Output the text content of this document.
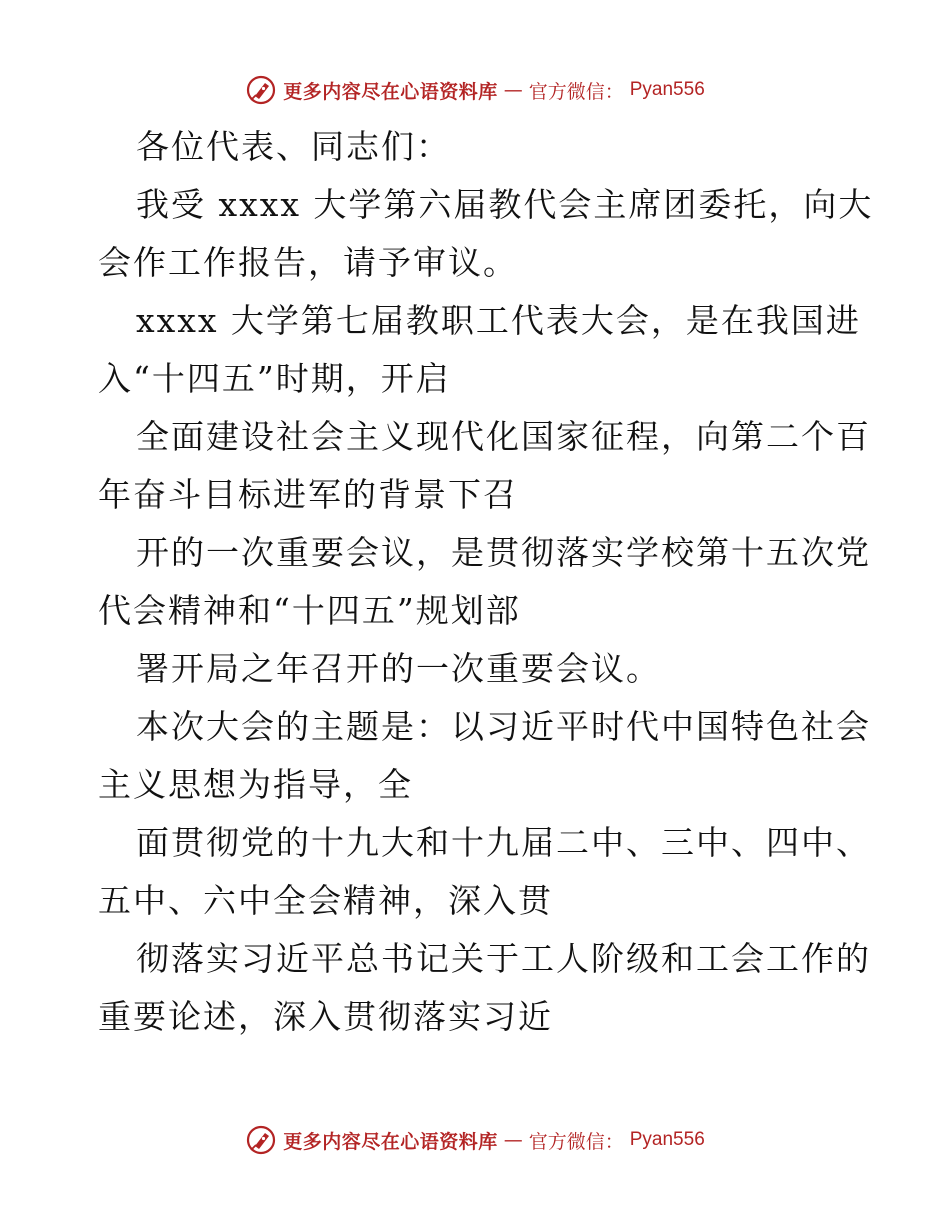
更多内容尽在心语资料库 — 官方微信： Pyan556
各位代表、同志们：
我受 xxxx 大学第六届教代会主席团委托，向大
会作工作报告，请予审议。
xxxx 大学第七届教职工代表大会，是在我国进
入“十四五”时期，开启
全面建设社会主义现代化国家征程，向第二个百
年奋斗目标进军的背景下召
开的一次重要会议，是贯彻落实学校第十五次党
代会精神和“十四五”规划部
署开局之年召开的一次重要会议。
本次大会的主题是：以习近平时代中国特色社会
主义思想为指导，全
面贯彻党的十九大和十九届二中、三中、四中、
五中、六中全会精神，深入贯
彻落实习近平总书记关于工人阶级和工会工作的
重要论述，深入贯彻落实习近
更多内容尽在心语资料库 — 官方微信： Pyan556
